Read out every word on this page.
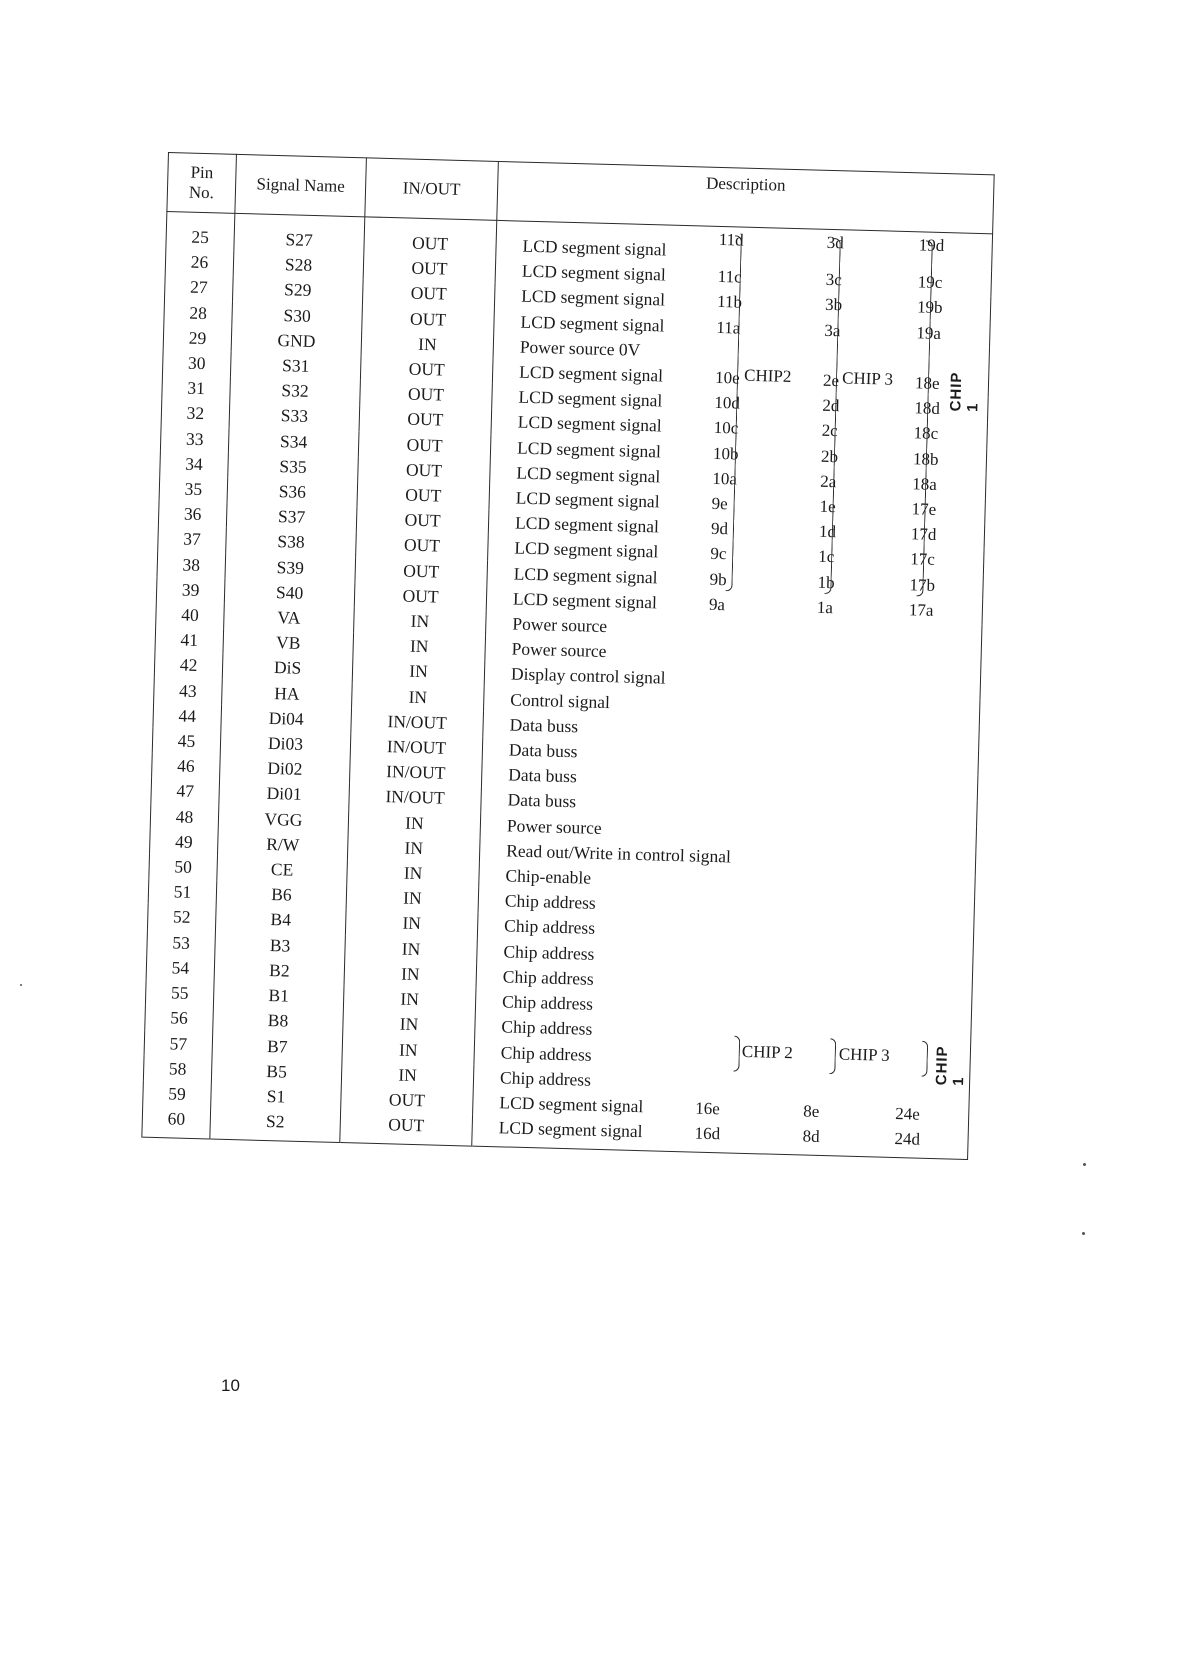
Pin
No.	Signal Name	IN/OUT	Description
25	S27	OUT	LCD segment signal 11d 3d 19d

26	S28	OUT	LCD segment signal 11c 3c 19c

27	S29	OUT	LCD segment signal 11b 3b 19b

28	S30	OUT	LCD segment signal 11a 3a 19a

29	GND	IN	Power source 0V
30	S31	OUT	LCD segment signal 10e 2e 18e

31	S32	OUT	LCD segment signal 10d 2d 18d

32	S33	OUT	LCD segment signal 10c 2c 18c

33	S34	OUT	LCD segment signal 10b 2b 18b

34	S35	OUT	LCD segment signal 10a 2a 18a

35	S36	OUT	LCD segment signal 9e 1e 17e

36	S37	OUT	LCD segment signal 9d 1d 17d

37	S38	OUT	LCD segment signal 9c 1c 17c

38	S39	OUT	LCD segment signal 9b 1b 17b

39	S40	OUT	LCD segment signal 9a 1a 17a

40	VA	IN	Power source
41	VB	IN	Power source
42	DiS	IN	Display control signal
43	HA	IN	Control signal
44	Di04	IN/OUT	Data buss
45	Di03	IN/OUT	Data buss
46	Di02	IN/OUT	Data buss
47	Di01	IN/OUT	Data buss
48	VGG	IN	Power source
49	R/W	IN	Read out/Write in control signal
50	CE	IN	Chip-enable
51	B6	IN	Chip address
52	B4	IN	Chip address
53	B3	IN	Chip address
54	B2	IN	Chip address
55	B1	IN	Chip address
56	B8	IN	Chip address
57	B7	IN	Chip address
58	B5	IN	Chip address
59	S1	OUT	LCD segment signal 16e 8e 24e

60	S2	OUT	LCD segment signal 16d 8d 24d
CHIP2	CHIP 3	CHIP 1
CHIP 2	CHIP 3	CHIP 1
10
